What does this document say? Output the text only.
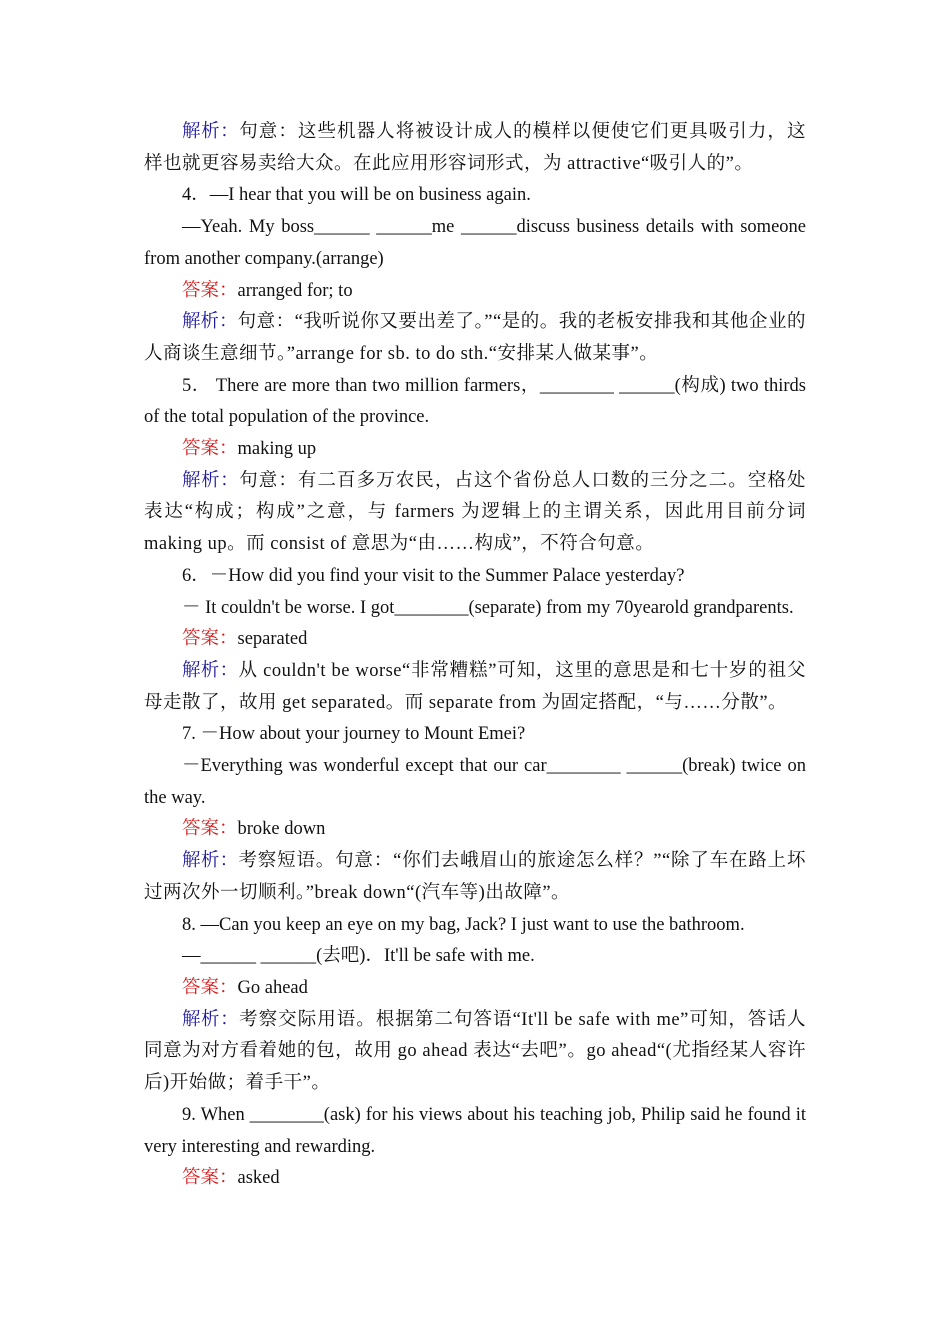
解析：句意：这些机器人将被设计成人的模样以便使它们更具吸引力，这样也就更容易卖给大众。在此应用形容词形式，为 attractive“吸引人的”。

4．—I hear that you will be on business again.

—Yeah. My boss______ ______me ______discuss business details with someone from another company.(arrange)

答案：arranged for; to

解析：句意：“我听说你又要出差了。”“是的。我的老板安排我和其他企业的人商谈生意细节。”arrange for sb. to do sth.“安排某人做某事”。

5． There are more than two million farmers，________ ______(构成) two thirds of the total population of the province.

答案：making up

解析：句意：有二百多万农民，占这个省份总人口数的三分之二。空格处表达“构成；构成”之意，与 farmers 为逻辑上的主谓关系，因此用目前分词 making up。而 consist of 意思为“由……构成”，不符合句意。

6．－How did you find your visit to the Summer Palace yesterday?

－ It couldn't be worse. I got________(separate) from my 70yearold grandparents.

答案：separated

解析：从 couldn't be worse“非常糟糕”可知，这里的意思是和七十岁的祖父母走散了，故用 get separated。而 separate from 为固定搭配，“与……分散”。

7. －How about your journey to Mount Emei?

－Everything was wonderful except that our car________ ______(break) twice on the way.

答案：broke down

解析：考察短语。句意：“你们去峨眉山的旅途怎么样？”“除了车在路上坏过两次外一切顺利。”break down“(汽车等)出故障”。

8. —Can you keep an eye on my bag, Jack? I just want to use the bathroom.

—______ ______(去吧)．It'll be safe with me.

答案：Go ahead

解析：考察交际用语。根据第二句答语“It'll be safe with me”可知，答话人同意为对方看着她的包，故用 go ahead 表达“去吧”。go ahead“(尤指经某人容许后)开始做；着手干”。

9. When ________(ask) for his views about his teaching job, Philip said he found it very interesting and rewarding.

答案：asked
